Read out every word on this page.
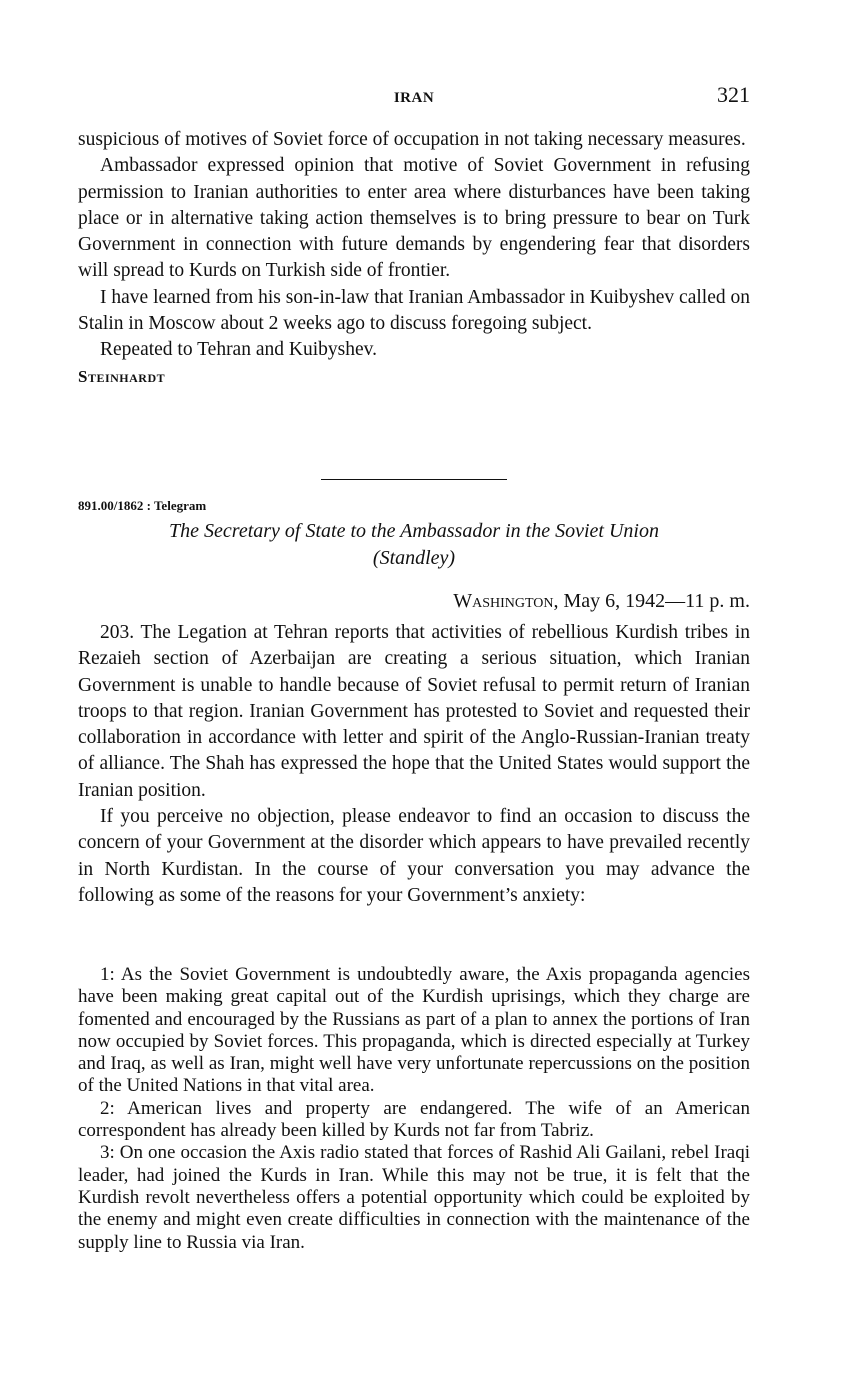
IRAN	321

suspicious of motives of Soviet force of occupation in not taking necessary measures.

Ambassador expressed opinion that motive of Soviet Government in refusing permission to Iranian authorities to enter area where disturbances have been taking place or in alternative taking action themselves is to bring pressure to bear on Turk Government in connection with future demands by engendering fear that disorders will spread to Kurds on Turkish side of frontier.

I have learned from his son-in-law that Iranian Ambassador in Kuibyshev called on Stalin in Moscow about 2 weeks ago to discuss foregoing subject.

Repeated to Tehran and Kuibyshev.

Steinhardt

891.00/1862 : Telegram
The Secretary of State to the Ambassador in the Soviet Union
(Standley)
Washington, May 6, 1942—11 p. m.

203. The Legation at Tehran reports that activities of rebellious Kurdish tribes in Rezaieh section of Azerbaijan are creating a serious situation, which Iranian Government is unable to handle because of Soviet refusal to permit return of Iranian troops to that region. Iranian Government has protested to Soviet and requested their collaboration in accordance with letter and spirit of the Anglo-Russian-Iranian treaty of alliance. The Shah has expressed the hope that the United States would support the Iranian position.

If you perceive no objection, please endeavor to find an occasion to discuss the concern of your Government at the disorder which appears to have prevailed recently in North Kurdistan. In the course of your conversation you may advance the following as some of the reasons for your Government’s anxiety:

1: As the Soviet Government is undoubtedly aware, the Axis propaganda agencies have been making great capital out of the Kurdish uprisings, which they charge are fomented and encouraged by the Russians as part of a plan to annex the portions of Iran now occupied by Soviet forces. This propaganda, which is directed especially at Turkey and Iraq, as well as Iran, might well have very unfortunate repercussions on the position of the United Nations in that vital area.

2: American lives and property are endangered. The wife of an American correspondent has already been killed by Kurds not far from Tabriz.

3: On one occasion the Axis radio stated that forces of Rashid Ali Gailani, rebel Iraqi leader, had joined the Kurds in Iran. While this may not be true, it is felt that the Kurdish revolt nevertheless offers a potential opportunity which could be exploited by the enemy and might even create difficulties in connection with the maintenance of the supply line to Russia via Iran.
